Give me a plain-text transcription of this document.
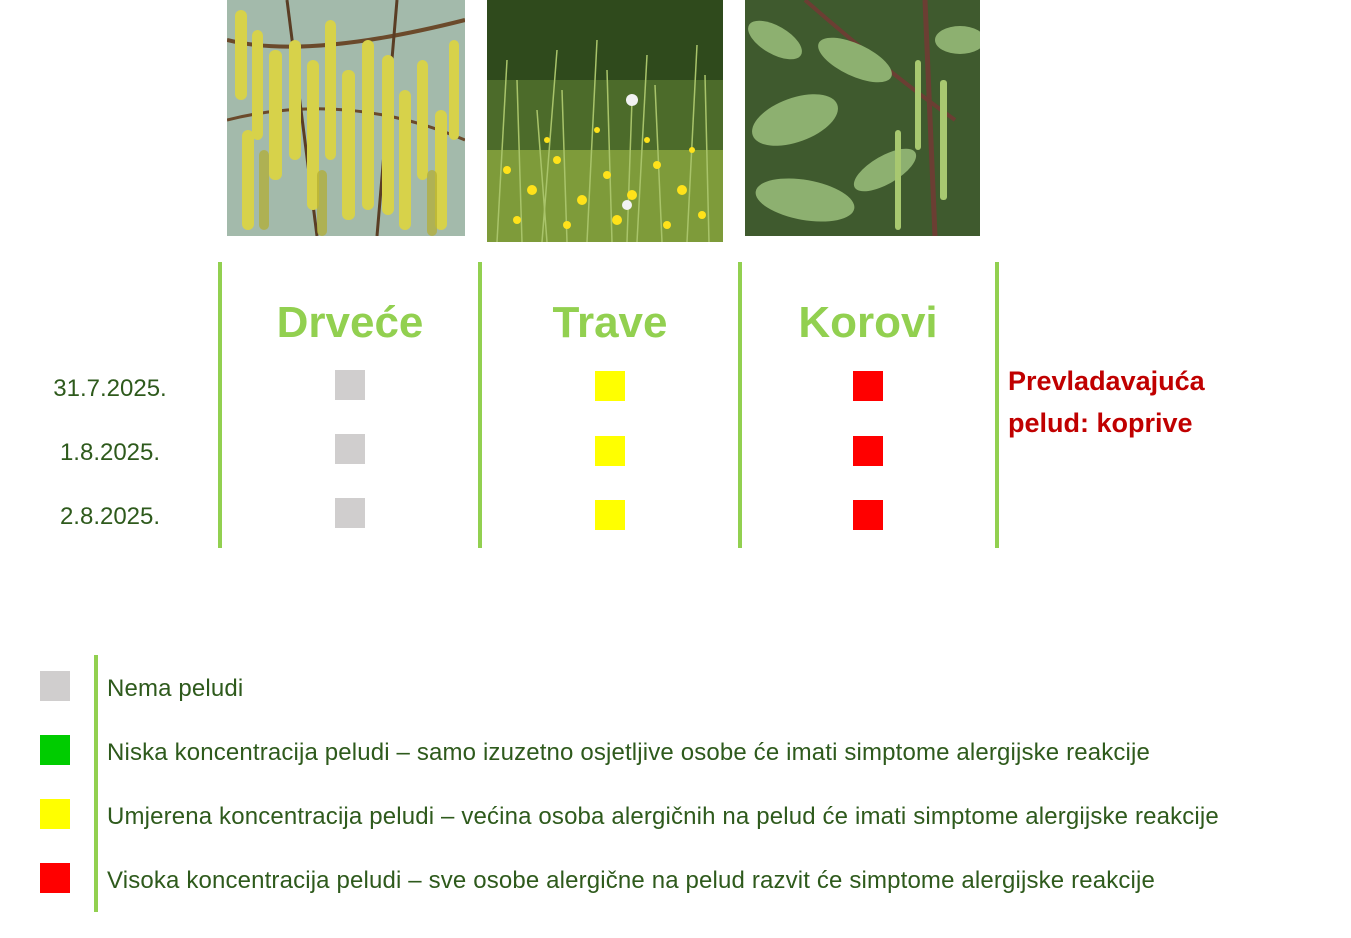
Drveće	Trave	Korovi
31.7.2025.
1.8.2025.
2.8.2025.
Prevladavajuća
pelud: koprive
Nema peludi
Niska koncentracija peludi – samo izuzetno osjetljive osobe će imati simptome alergijske reakcije
Umjerena koncentracija peludi – većina osoba alergičnih na pelud će imati simptome alergijske reakcije
Visoka koncentracija peludi – sve osobe alergične na pelud razvit će simptome alergijske reakcije
